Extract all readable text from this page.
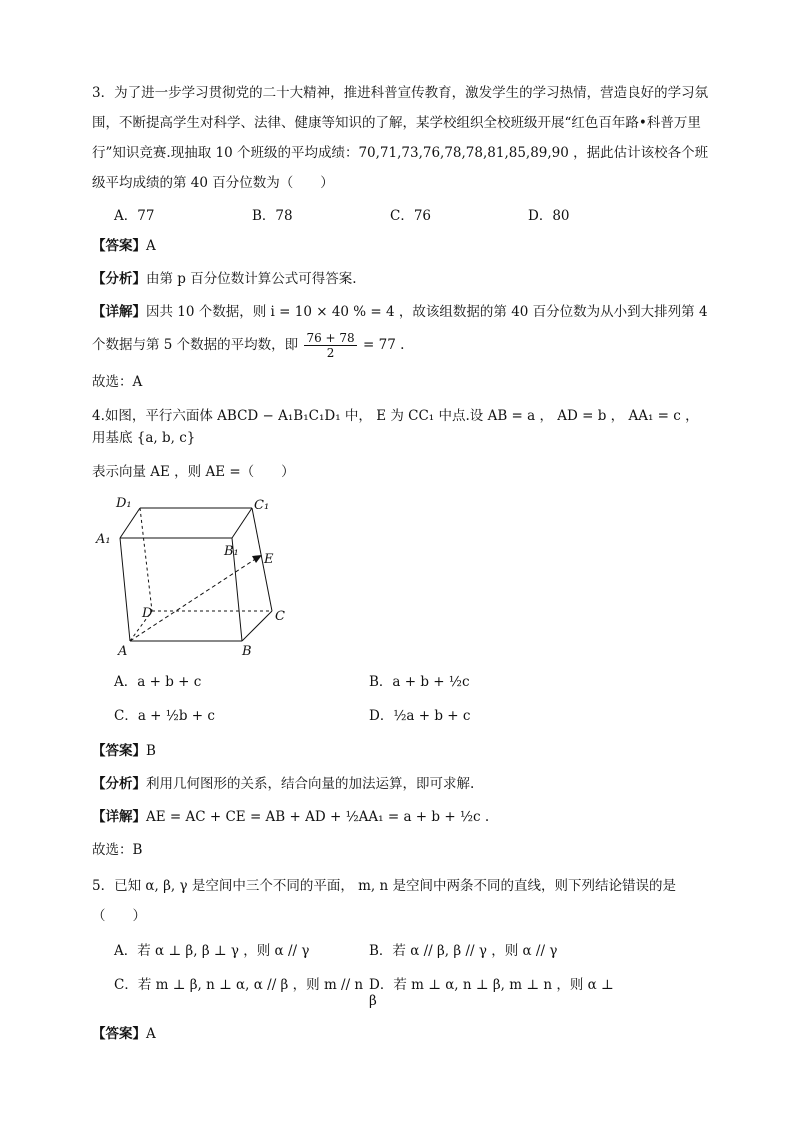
3．为了进一步学习贯彻党的二十大精神，推进科普宣传教育，激发学生的学习热情，营造良好的学习氛围，不断提高学生对科学、法律、健康等知识的了解，某学校组织全校班级开展“红色百年路•科普万里行”知识竞赛.现抽取 10 个班级的平均成绩：70,71,73,76,78,78,81,85,89,90 ，据此估计该校各个班级平均成绩的第 40 百分位数为（　　）

A．77	B．78	C．76	D．80

【答案】A

【分析】由第 p 百分位数计算公式可得答案.

【详解】因共 10 个数据，则 i = 10 × 40 % = 4 ，故该组数据的第 40 百分位数为从小到大排列第 4

个数据与第 5 个数据的平均数，即 $\frac{76 + 78}{2} = 77$ .

故选：A

4.如图，平行六面体 ABCD − A₁B₁C₁D₁ 中， E 为 CC₁ 中点.设 AB = a ， AD = b ， AA₁ = c ，用基底 {a, b, c}

表示向量 AE ，则 AE =（　　）

D₁	C₁
A₁
B₁
E
D	C
A	B
A．a + b + c	B．a + b + ½c
C．a + ½b + c	D．½a + b + c

【答案】B

【分析】利用几何图形的关系，结合向量的加法运算，即可求解.

【详解】AE = AC + CE = AB + AD + ½AA₁ = a + b + ½c .

故选：B

5．已知 α, β, γ 是空间中三个不同的平面， m, n 是空间中两条不同的直线，则下列结论错误的是（　　）

A．若 α ⊥ β, β ⊥ γ ，则 α // γ	B．若 α // β, β // γ ，则 α // γ
C．若 m ⊥ β, n ⊥ α, α // β ，则 m // n D．若 m ⊥ α, n ⊥ β, m ⊥ n ，则 α ⊥ β

【答案】A
